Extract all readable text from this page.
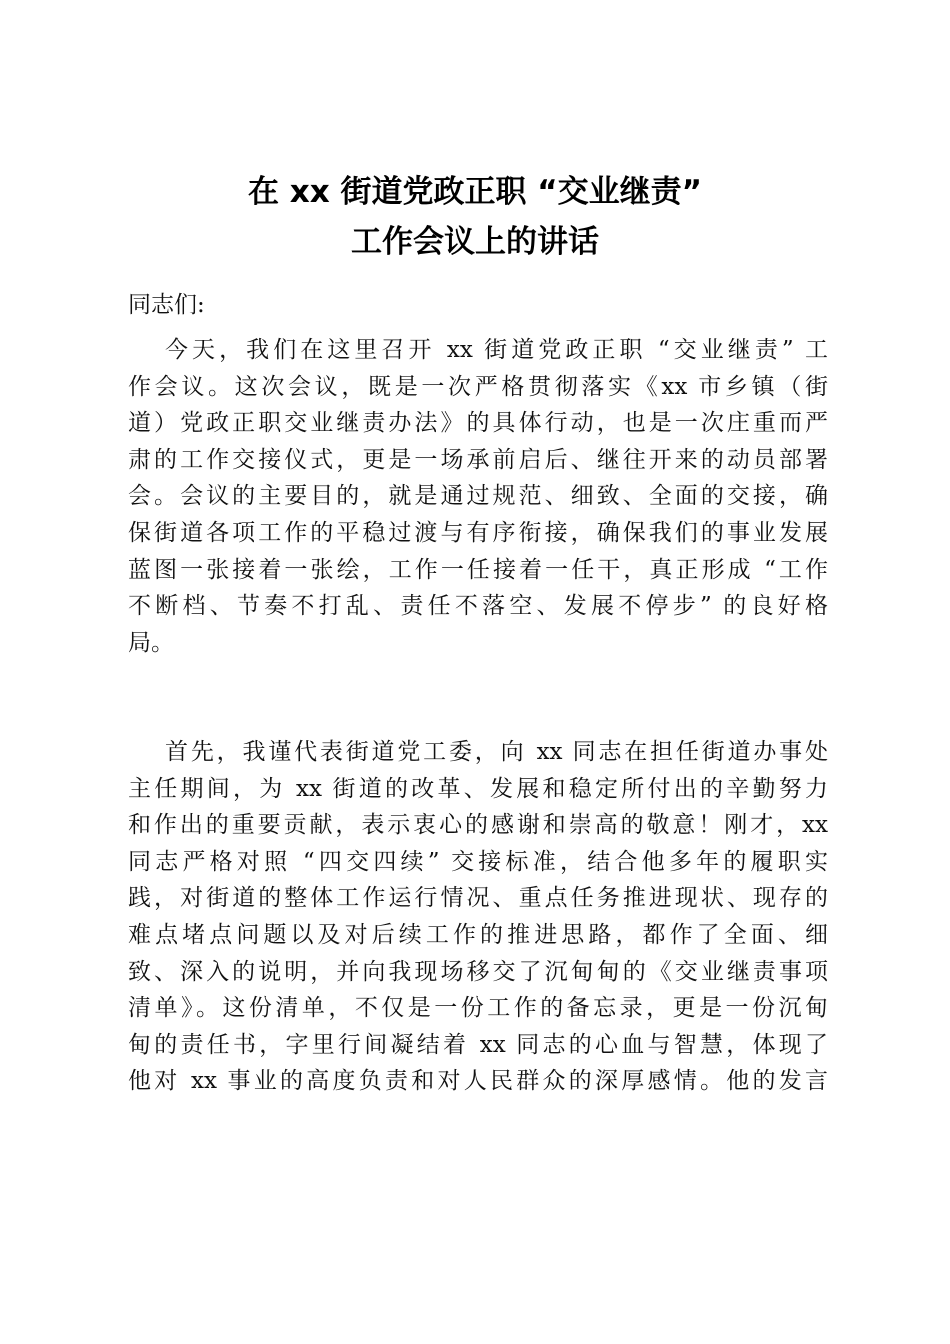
在 xx 街道党政正职 “交业继责”
工作会议上的讲话
同志们:
今天，我们在这里召开 xx 街道党政正职 “交业继责” 工
作会议。这次会议，既是一次严格贯彻落实《xx 市乡镇（街
道）党政正职交业继责办法》的具体行动，也是一次庄重而严
肃的工作交接仪式，更是一场承前启后、继往开来的动员部署
会。会议的主要目的，就是通过规范、细致、全面的交接，确
保街道各项工作的平稳过渡与有序衔接，确保我们的事业发展
蓝图一张接着一张绘，工作一任接着一任干，真正形成 “工作
不断档、节奏不打乱、责任不落空、发展不停步” 的良好格
局。
首先，我谨代表街道党工委，向 xx 同志在担任街道办事处
主任期间，为 xx 街道的改革、发展和稳定所付出的辛勤努力
和作出的重要贡献，表示衷心的感谢和崇高的敬意！刚才，xx
同志严格对照 “四交四续” 交接标准，结合他多年的履职实
践，对街道的整体工作运行情况、重点任务推进现状、现存的
难点堵点问题以及对后续工作的推进思路，都作了全面、细
致、深入的说明，并向我现场移交了沉甸甸的《交业继责事项
清单》。这份清单，不仅是一份工作的备忘录，更是一份沉甸
甸的责任书，字里行间凝结着 xx 同志的心血与智慧，体现了
他对 xx 事业的高度负责和对人民群众的深厚感情。他的发言
